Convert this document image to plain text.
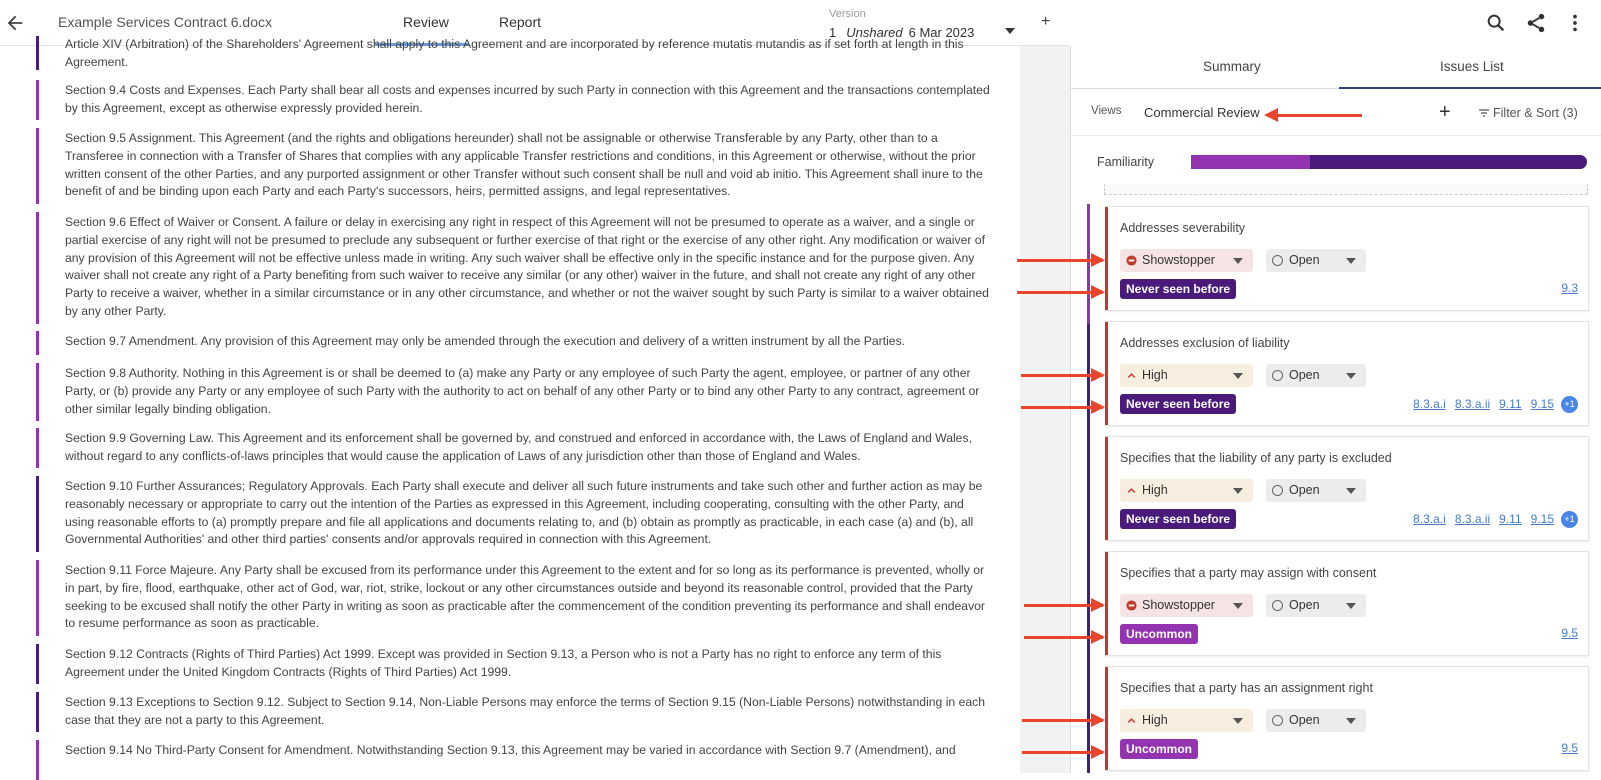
Example Services Contract 6.docx	Review	Report	Version
1 Unshared 6 Mar 2023
+
Article XIV (Arbitration) of the Shareholders' Agreement shall apply to this Agreement and are incorporated by reference mutatis mutandis as if set forth at length in this Agreement.
Section 9.4 Costs and Expenses. Each Party shall bear all costs and expenses incurred by such Party in connection with this Agreement and the transactions contemplated by this Agreement, except as otherwise expressly provided herein.
Section 9.5 Assignment. This Agreement (and the rights and obligations hereunder) shall not be assignable or otherwise Transferable by any Party, other than to a Transferee in connection with a Transfer of Shares that complies with any applicable Transfer restrictions and conditions, in this Agreement or otherwise, without the prior written consent of the other Parties, and any purported assignment or other Transfer without such consent shall be null and void ab initio. This Agreement shall inure to the benefit of and be binding upon each Party and each Party's successors, heirs, permitted assigns, and legal representatives.
Section 9.6 Effect of Waiver or Consent. A failure or delay in exercising any right in respect of this Agreement will not be presumed to operate as a waiver, and a single or partial exercise of any right will not be presumed to preclude any subsequent or further exercise of that right or the exercise of any other right. Any modification or waiver of any provision of this Agreement will not be effective unless made in writing. Any such waiver shall be effective only in the specific instance and for the purpose given. Any waiver shall not create any right of a Party benefiting from such waiver to receive any similar (or any other) waiver in the future, and shall not create any right of any other Party to receive a waiver, whether in a similar circumstance or in any other circumstance, and whether or not the waiver sought by such Party is similar to a waiver obtained by any other Party.
Section 9.7 Amendment. Any provision of this Agreement may only be amended through the execution and delivery of a written instrument by all the Parties.
Section 9.8 Authority. Nothing in this Agreement is or shall be deemed to (a) make any Party or any employee of such Party the agent, employee, or partner of any other Party, or (b) provide any Party or any employee of such Party with the authority to act on behalf of any other Party or to bind any other Party to any contract, agreement or other similar legally binding obligation.
Section 9.9 Governing Law. This Agreement and its enforcement shall be governed by, and construed and enforced in accordance with, the Laws of England and Wales, without regard to any conflicts-of-laws principles that would cause the application of Laws of any jurisdiction other than those of England and Wales.
Section 9.10 Further Assurances; Regulatory Approvals. Each Party shall execute and deliver all such future instruments and take such other and further action as may be reasonably necessary or appropriate to carry out the intention of the Parties as expressed in this Agreement, including cooperating, consulting with the other Party, and using reasonable efforts to (a) promptly prepare and file all applications and documents relating to, and (b) obtain as promptly as practicable, in each case (a) and (b), all Governmental Authorities' and other third parties' consents and/or approvals required in connection with this Agreement.
Section 9.11 Force Majeure. Any Party shall be excused from its performance under this Agreement to the extent and for so long as its performance is prevented, wholly or in part, by fire, flood, earthquake, other act of God, war, riot, strike, lockout or any other circumstances outside and beyond its reasonable control, provided that the Party seeking to be excused shall notify the other Party in writing as soon as practicable after the commencement of the condition preventing its performance and shall endeavor to resume performance as soon as practicable.
Section 9.12 Contracts (Rights of Third Parties) Act 1999. Except was provided in Section 9.13, a Person who is not a Party has no right to enforce any term of this Agreement under the United Kingdom Contracts (Rights of Third Parties) Act 1999.
Section 9.13 Exceptions to Section 9.12. Subject to Section 9.14, Non-Liable Persons may enforce the terms of Section 9.15 (Non-Liable Persons) notwithstanding in each case that they are not a party to this Agreement.
Section 9.14 No Third-Party Consent for Amendment. Notwithstanding Section 9.13, this Agreement may be varied in accordance with Section 9.7 (Amendment), and
Summary	Issues List
Views Commercial Review	+	Filter & Sort (3)
Familiarity
Addresses severability
Showstopper	Open
Never seen before	9.3
Addresses exclusion of liability
High	Open
Never seen before	8.3.a.i 8.3.a.ii 9.11 9.15 +1
Specifies that the liability of any party is excluded
High	Open
Never seen before	8.3.a.i 8.3.a.ii 9.11 9.15 +1
Specifies that a party may assign with consent
Showstopper	Open
Uncommon	9.5
Specifies that a party has an assignment right
High	Open
Uncommon	9.5
